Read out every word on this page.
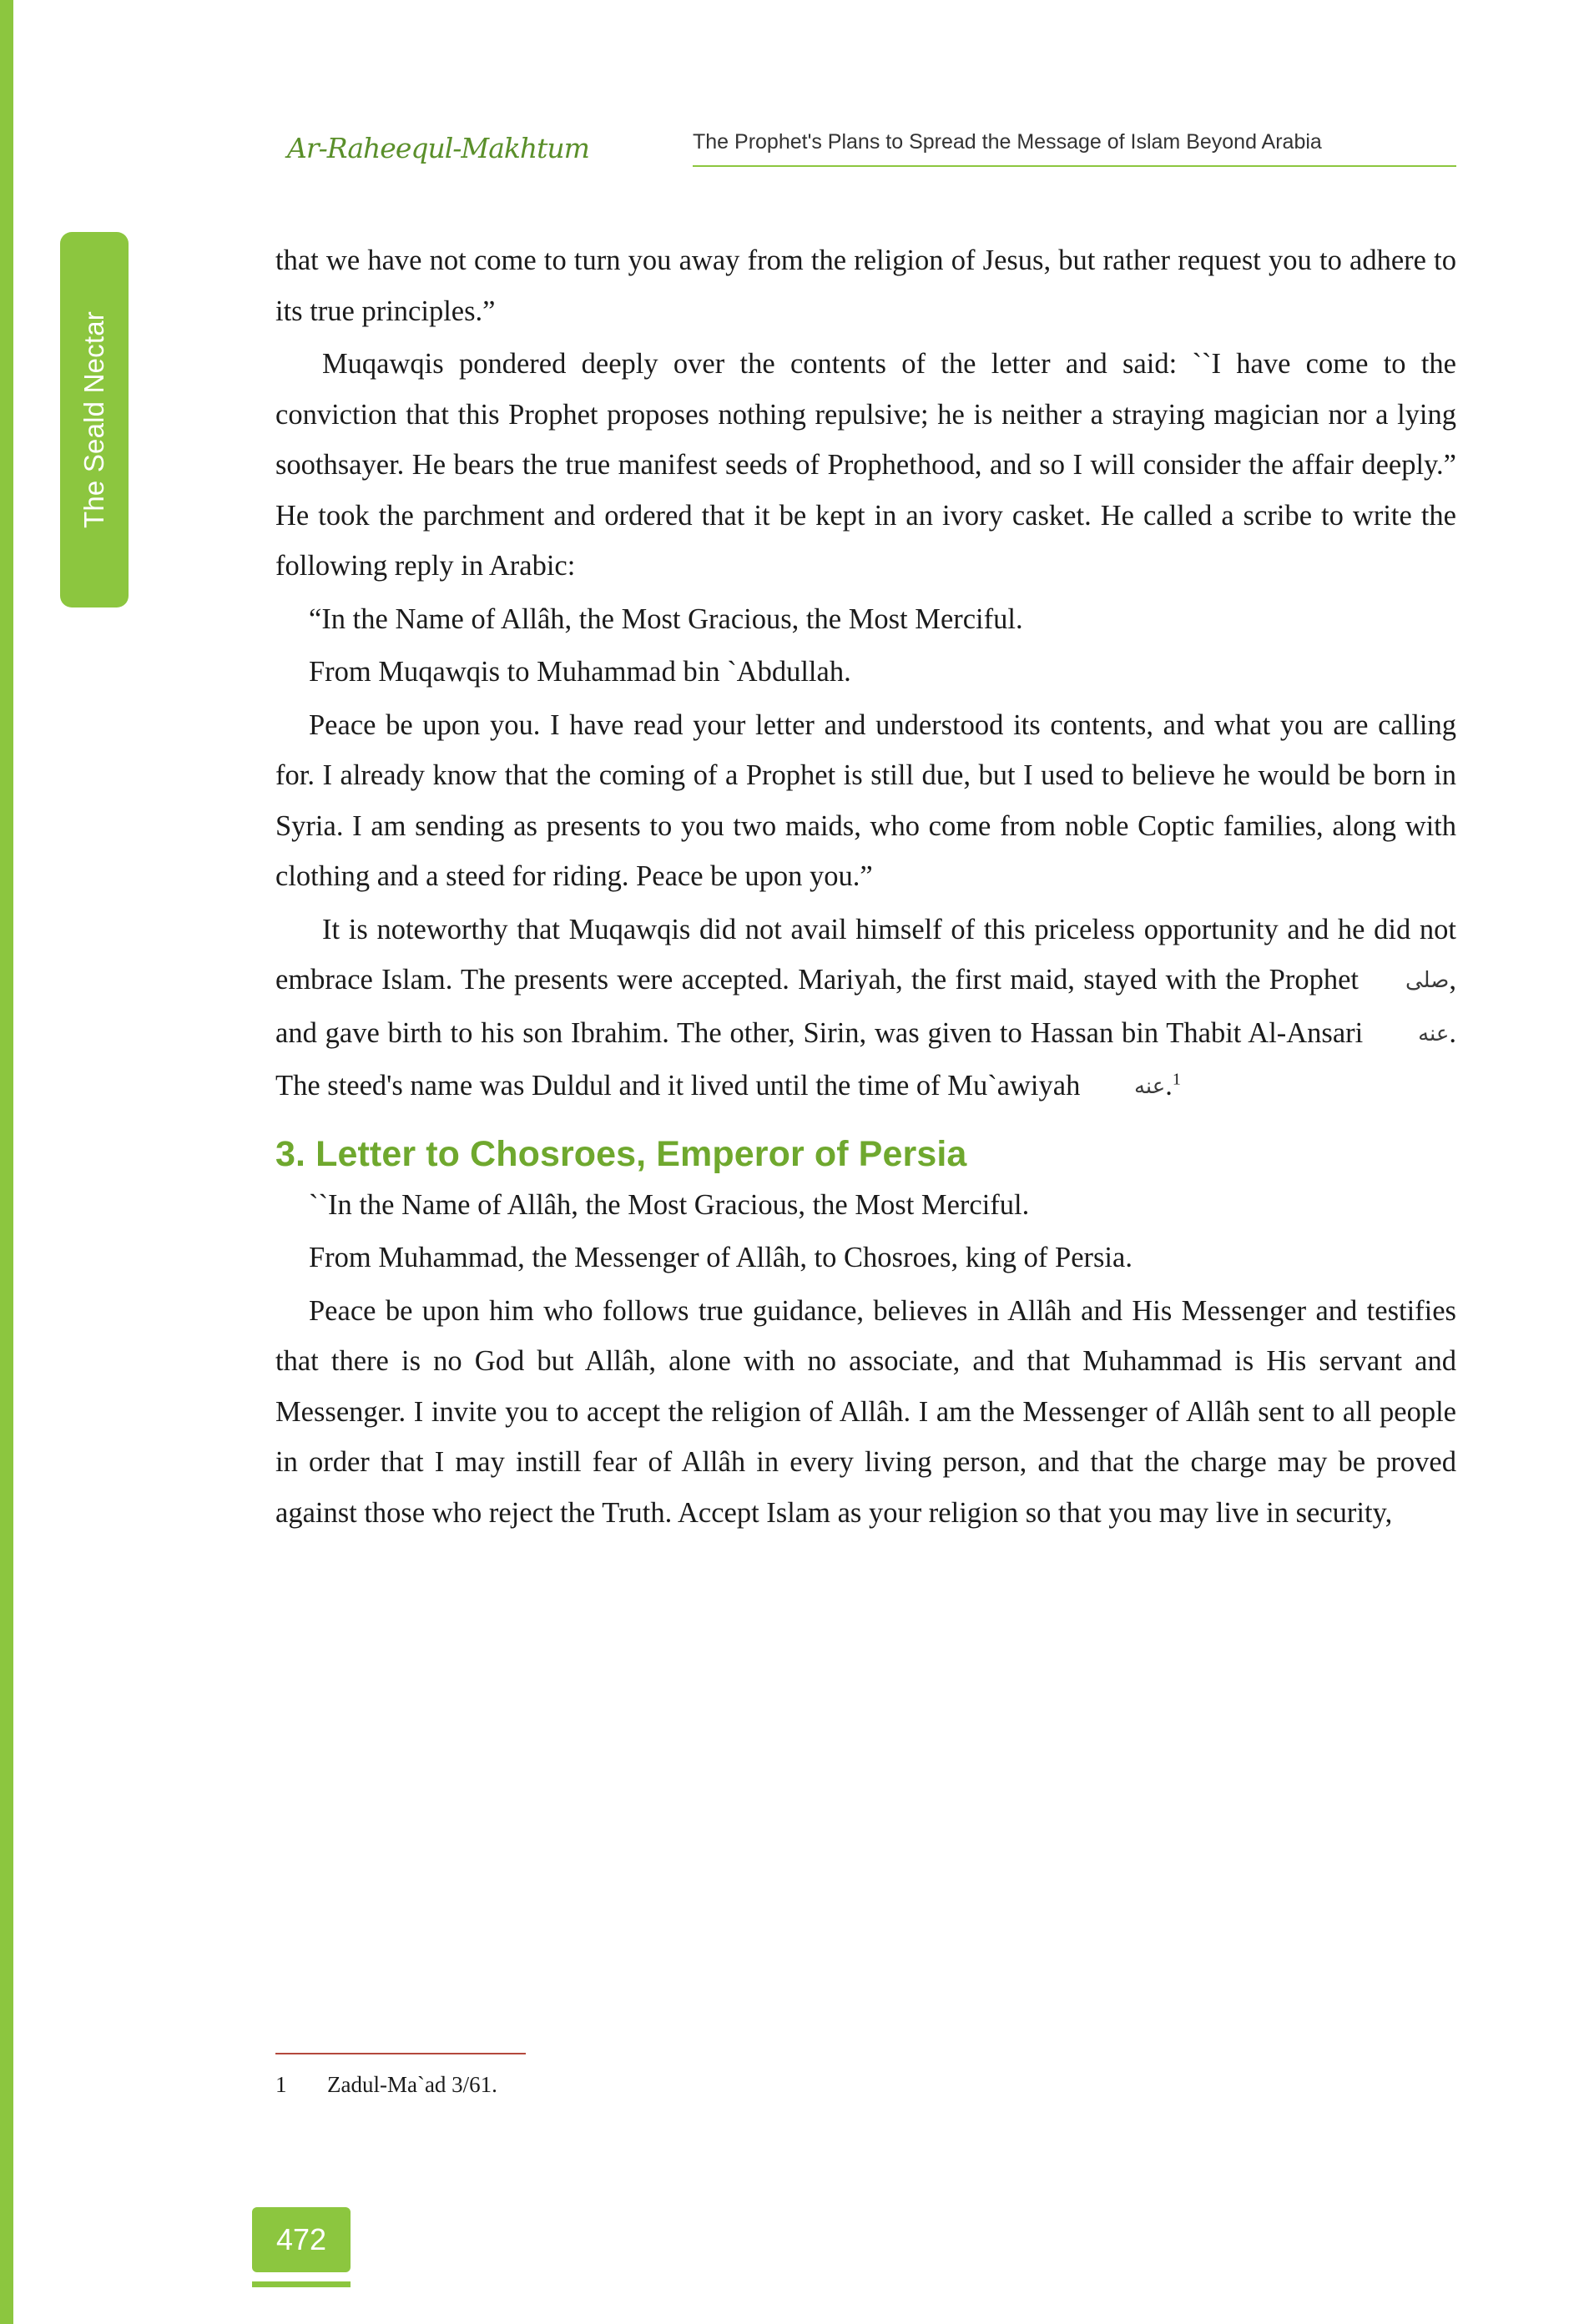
The Seald Nectar
Ar-Raheequl-Makhtum	The Prophet's Plans to Spread the Message of Islam Beyond Arabia

that we have not come to turn you away from the religion of Jesus, but rather request you to adhere to its true principles.”

Muqawqis pondered deeply over the contents of the letter and said: ``I have come to the conviction that this Prophet proposes nothing repulsive; he is neither a straying magician nor a lying soothsayer. He bears the true manifest seeds of Prophethood, and so I will consider the affair deeply.” He took the parchment and ordered that it be kept in an ivory casket. He called a scribe to write the following reply in Arabic:

“In the Name of Allâh, the Most Gracious, the Most Merciful.

From Muqawqis to Muhammad bin `Abdullah.

Peace be upon you. I have read your letter and understood its contents, and what you are calling for. I already know that the coming of a Prophet is still due, but I used to believe he would be born in Syria. I am sending as presents to you two maids, who come from noble Coptic families, along with clothing and a steed for riding. Peace be upon you.”

It is noteworthy that Muqawqis did not avail himself of this priceless opportunity and he did not embrace Islam. The presents were accepted. Mariyah, the first maid, stayed with the Prophet صلى, and gave birth to his son Ibrahim. The other, Sirin, was given to Hassan bin Thabit Al-Ansari	عنه. The steed's name was Duldul and it lived until the time of Mu`awiyah عنه.$^1$

3. Letter to Chosroes, Emperor of Persia

``In the Name of Allâh, the Most Gracious, the Most Merciful.

From Muhammad, the Messenger of Allâh, to Chosroes, king of Persia.

Peace be upon him who follows true guidance, believes in Allâh and His Messenger and testifies that there is no God but Allâh, alone with no associate, and that Muhammad is His servant and Messenger. I invite you to accept the religion of Allâh. I am the Messenger of Allâh sent to all people in order that I may instill fear of Allâh in every living person, and that the charge may be proved against those who reject the Truth. Accept Islam as your religion so that you may live in security,

1 Zadul-Ma`ad 3/61.
472
